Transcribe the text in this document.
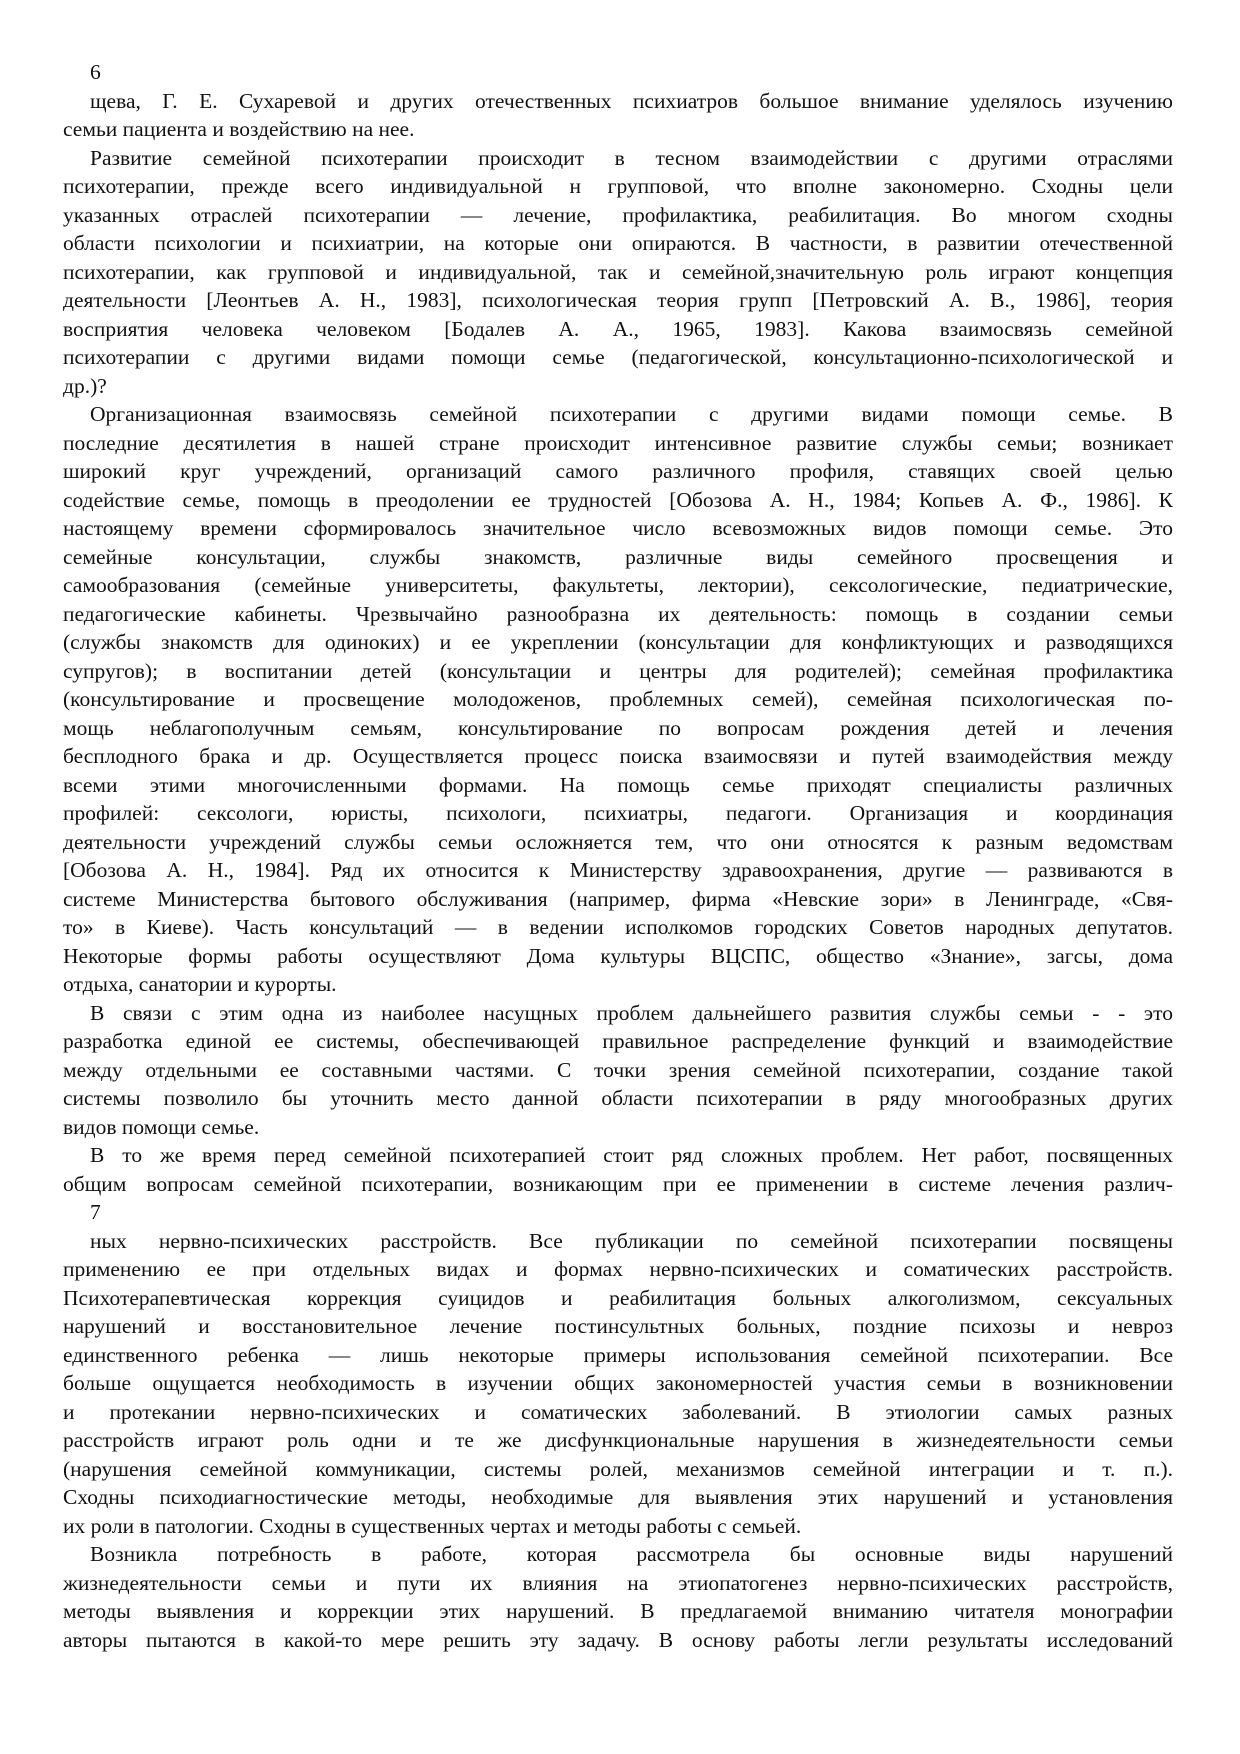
6
щева, Г. Е. Сухаревой и других отечественных психиатров большое внимание уделялось изучению
семьи пациента и воздействию на нее.
Развитие семейной психотерапии происходит в тесном взаимодействии с другими отраслями
психотерапии, прежде всего индивидуальной н групповой, что вполне закономерно. Сходны цели
указанных отраслей психотерапии — лечение, профилактика, реабилитация. Во многом сходны
области психологии и психиатрии, на которые они опираются. В частности, в развитии отечественной
психотерапии, как групповой и индивидуальной, так и семейной,значительную роль играют концепция
деятельности [Леонтьев А. Н., 1983], психологическая теория групп [Петровский А. В., 1986], теория
восприятия человека человеком [Бодалев А. А., 1965, 1983]. Какова взаимосвязь семейной
психотерапии с другими видами помощи семье (педагогической, консультационно-психологической и
др.)?
Организационная взаимосвязь семейной психотерапии с другими видами помощи семье. В
последние десятилетия в нашей стране происходит интенсивное развитие службы семьи; возникает
широкий круг учреждений, организаций самого различного профиля, ставящих своей целью
содействие семье, помощь в преодолении ее трудностей [Обозова А. Н., 1984; Копьев А. Ф., 1986]. К
настоящему времени сформировалось значительное число всевозможных видов помощи семье. Это
семейные консультации, службы знакомств, различные виды семейного просвещения и
самообразования (семейные университеты, факультеты, лектории), сексологические, педиатрические,
педагогические кабинеты. Чрезвычайно разнообразна их деятельность: помощь в создании семьи
(службы знакомств для одиноких) и ее укреплении (консультации для конфликтующих и разводящихся
супругов); в воспитании детей (консультации и центры для родителей); семейная профилактика
(консультирование и просвещение молодоженов, проблемных семей), семейная психологическая по-
мощь неблагополучным семьям, консультирование по вопросам рождения детей и лечения
бесплодного брака и др. Осуществляется процесс поиска взаимосвязи и путей взаимодействия между
всеми этими многочисленными формами. На помощь семье приходят специалисты различных
профилей: сексологи, юристы, психологи, психиатры, педагоги. Организация и координация
деятельности учреждений службы семьи осложняется тем, что они относятся к разным ведомствам
[Обозова А. Н., 1984]. Ряд их относится к Министерству здравоохранения, другие — развиваются в
системе Министерства бытового обслуживания (например, фирма «Невские зори» в Ленинграде, «Свя-
то» в Киеве). Часть консультаций — в ведении исполкомов городских Советов народных депутатов.
Некоторые формы работы осуществляют Дома культуры ВЦСПС, общество «Знание», загсы, дома
отдыха, санатории и курорты.
В связи с этим одна из наиболее насущных проблем дальнейшего развития службы семьи - - это
разработка единой ее системы, обеспечивающей правильное распределение функций и взаимодействие
между отдельными ее составными частями. С точки зрения семейной психотерапии, создание такой
системы позволило бы уточнить место данной области психотерапии в ряду многообразных других
видов помощи семье.
В то же время перед семейной психотерапией стоит ряд сложных проблем. Нет работ, посвященных
общим вопросам семейной психотерапии, возникающим при ее применении в системе лечения различ-
7
ных нервно-психических расстройств. Все публикации по семейной психотерапии посвящены
применению ее при отдельных видах и формах нервно-психических и соматических расстройств.
Психотерапевтическая коррекция суицидов и реабилитация больных алкоголизмом, сексуальных
нарушений и восстановительное лечение постинсультных больных, поздние психозы и невроз
единственного ребенка — лишь некоторые примеры использования семейной психотерапии. Все
больше ощущается необходимость в изучении общих закономерностей участия семьи в возникновении
и протекании нервно-психических и соматических заболеваний. В этиологии самых разных
расстройств играют роль одни и те же дисфункциональные нарушения в жизнедеятельности семьи
(нарушения семейной коммуникации, системы ролей, механизмов семейной интеграции и т. п.).
Сходны психодиагностические методы, необходимые для выявления этих нарушений и установления
их роли в патологии. Сходны в существенных чертах и методы работы с семьей.
Возникла потребность в работе, которая рассмотрела бы основные виды нарушений
жизнедеятельности семьи и пути их влияния на этиопатогенез нервно-психических расстройств,
методы выявления и коррекции этих нарушений. В предлагаемой вниманию читателя монографии
авторы пытаются в какой-то мере решить эту задачу. В основу работы легли результаты исследований
